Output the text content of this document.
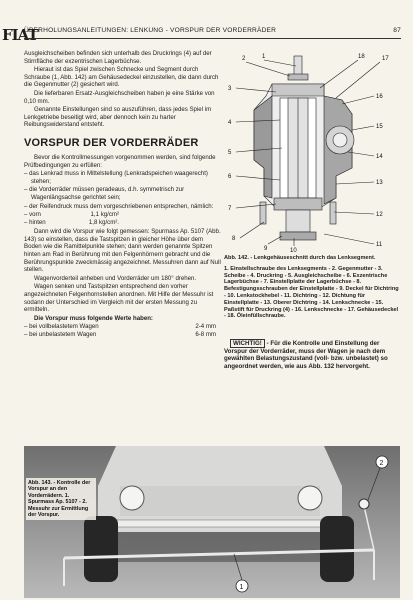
FIAT
ÜBERHOLUNGSANLEITUNGEN: LENKUNG - VORSPUR DER VORDERRÄDER	87

Ausgleichscheiben befinden sich unterhalb des Druckrings (4) auf der Stirnfläche der exzentrischen Lagerbüchse.

Hieraut ist das Spiel zwischen Schnecke und Segment durch Schraube (1, Abb. 142) am Gehäusedeckel einzustellen, die dann durch die Gegenmutter (2) gesichert wird.

Die lieferbaren Ersatz-Ausgleichscheiben haben je eine Stärke von 0,10 mm.

Genannte Einstellungen sind so auszuführen, dass jedes Spiel im Lenkgetriebe beseitigt wird, aber dennoch kein zu harter Reibungswiderstand entsteht.

VORSPUR DER VORDERRÄDER

Bevor die Kontrollmessungen vorgenommen werden, sind folgende Prüfbedingungen zu erfüllen:

– das Lenkrad muss in Mittelstellung (Lenkradspeichen waagerecht) stehen;

– die Vorderräder müssen geradeaus, d.h. symmetrisch zur Wagenlängsachse gerichtet sein;

– der Reifendruck muss dem vorgeschriebenen entsprechen, nämlich:

– vorn	1,1 kg/cm²
– hinten	1,8 kg/cm².

Dann wird die Vorspur wie folgt gemessen: Spurmass Ap. 5107 (Abb. 143) so einstellen, dass die Tastspitzen in gleicher Höhe über dem Boden wie die Ramittelpunkte stehen; dann werden genannte Spitzen hinten am Rad in Berührung mit den Felgenhörnern gebracht und die Berührungspunkte zweckmässig angezeichnet. Messuhren dann auf Null stellen.

Wagenvorderteil anheben und Vorderräder um 180° drehen.

Wagen senken und Tastspitzen entsprechend den vorher angezeichneten Felgenhornstellen anordnen. Mit Hilfe der Messuhr ist sodann der Unterschied im Vergleich mit der ersten Messung zu ermitteln.

Die Vorspur muss folgende Werte haben:

– bei vollbelastetem Wagen	2-4 mm
– bei unbelastetem Wagen	6-8 mm
2	1	18	17
3
4
5
6
7
8
16
15
14
13
12
11
9	10
Abb. 142. - Lenkgehäuseschnitt durch das Lenksegment.
1. Einstellschraube des Lenksegments - 2. Gegenmutter - 3. Scheibe - 4. Druckring - 5. Ausgleichscheibe - 6. Exzentrische Lagerbüchse - 7. Einstellplatte der Lagerbüchse - 8. Befestigungsschrauben der Einstellplatte - 9. Deckel für Dichtring - 10. Lenkstockhebel - 11. Dichtring - 12. Dichtung für Einstellplatte - 13. Oberer Dichtring - 14. Lenkschnecke - 15. Paßstift für Druckring (4) - 16. Lenkschnecke - 17. Gehäusedeckel - 18. Öleinfüllschraube.
WICHTIG! - Für die Kontrolle und Einstellung der Vorspur der Vorderräder, muss der Wagen je nach dem gewählten Belastungszustand (voll- bzw. unbelastet) so angeordnet werden, wie aus Abb. 132 hervorgeht.
2
1
Abb. 143. - Kontrolle der Vorspur an den Vorderrädern. 1. Spurmass Ap. 5107 - 2. Messuhr zur Ermittlung der Vorspur.
